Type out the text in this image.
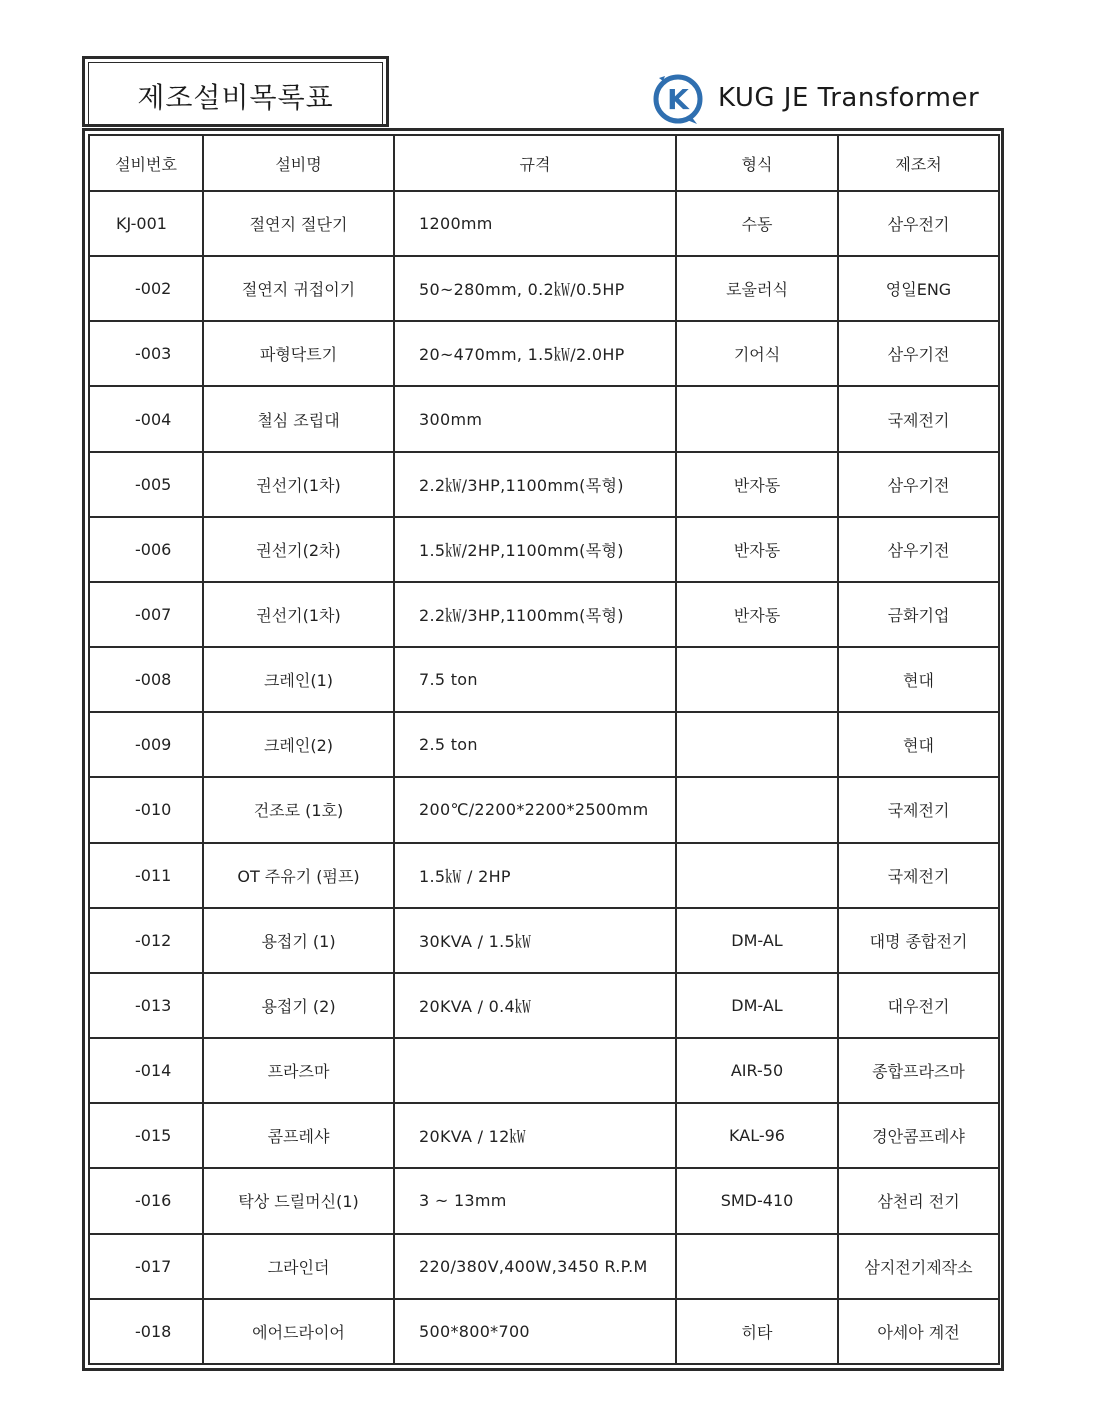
제조설비목록표	K KUG JE Transformer
설비번호	설비명	규격	형식	제조처
KJ-001	절연지 절단기	1200mm	수동	삼우전기
-002	절연지 귀접이기	50~280mm, 0.2㎾/0.5HP	로울러식	영일ENG
-003	파형닥트기	20~470mm, 1.5㎾/2.0HP	기어식	삼우기전
-004	철심 조립대	300mm		국제전기
-005	권선기(1차)	2.2㎾/3HP,1100mm(목형)	반자동	삼우기전
-006	권선기(2차)	1.5㎾/2HP,1100mm(목형)	반자동	삼우기전
-007	권선기(1차)	2.2㎾/3HP,1100mm(목형)	반자동	금화기업
-008	크레인(1)	7.5 ton		현대
-009	크레인(2)	2.5 ton		현대
-010	건조로 (1호)	200℃/2200*2200*2500mm		국제전기
-011	OT 주유기 (펌프)	1.5㎾ / 2HP		국제전기
-012	용접기 (1)	30KVA / 1.5㎾	DM-AL	대명 종합전기
-013	용접기 (2)	20KVA / 0.4㎾	DM-AL	대우전기
-014	프라즈마		AIR-50	종합프라즈마
-015	콤프레샤	20KVA / 12㎾	KAL-96	경안콤프레샤
-016	탁상 드릴머신(1)	3 ~ 13mm	SMD-410	삼천리 전기
-017	그라인더	220/380V,400W,3450 R.P.M		삼지전기제작소
-018	에어드라이어	500*800*700	히타	아세아 계전
